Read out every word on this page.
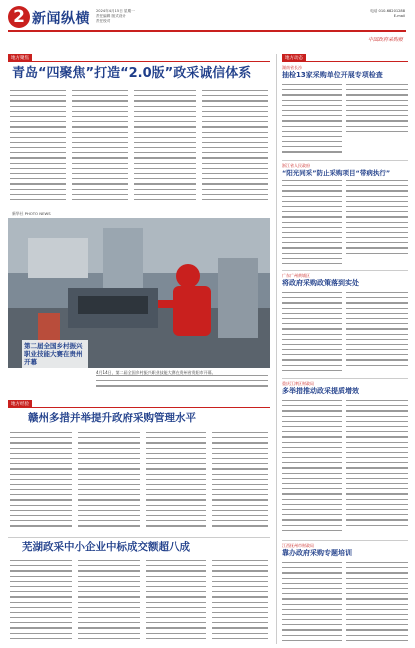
2 新闻纵横 2024年4月15日 星期一
责任编辑 版式设计
责任校对
电话 010-68201288
E-mail
中国政府采购报
地方聚焦
青岛“四聚焦”打造“2.0版”政采诚信体系
新华社 PHOTO NEWS
第二届全国乡村振兴职业技能大赛在贵州开幕
4月14日，第二届全国乡村振兴职业技能大赛在贵州省贵阳市开幕。
地方经验
赣州多措并举提升政府采购管理水平
芜湖政采中小企业中标成交额超八成
地方动态
湖南省长沙
抽检13家采购单位开展专项检查
浙江省人民政府
“阳光同采”防止采购项目“带病执行”
广东广州黄埔区
将政府采购政策落到实处
重庆江津区财政局
多举措推动政采提质增效
江西抚州市财政局
靠办政府采购专题培训
